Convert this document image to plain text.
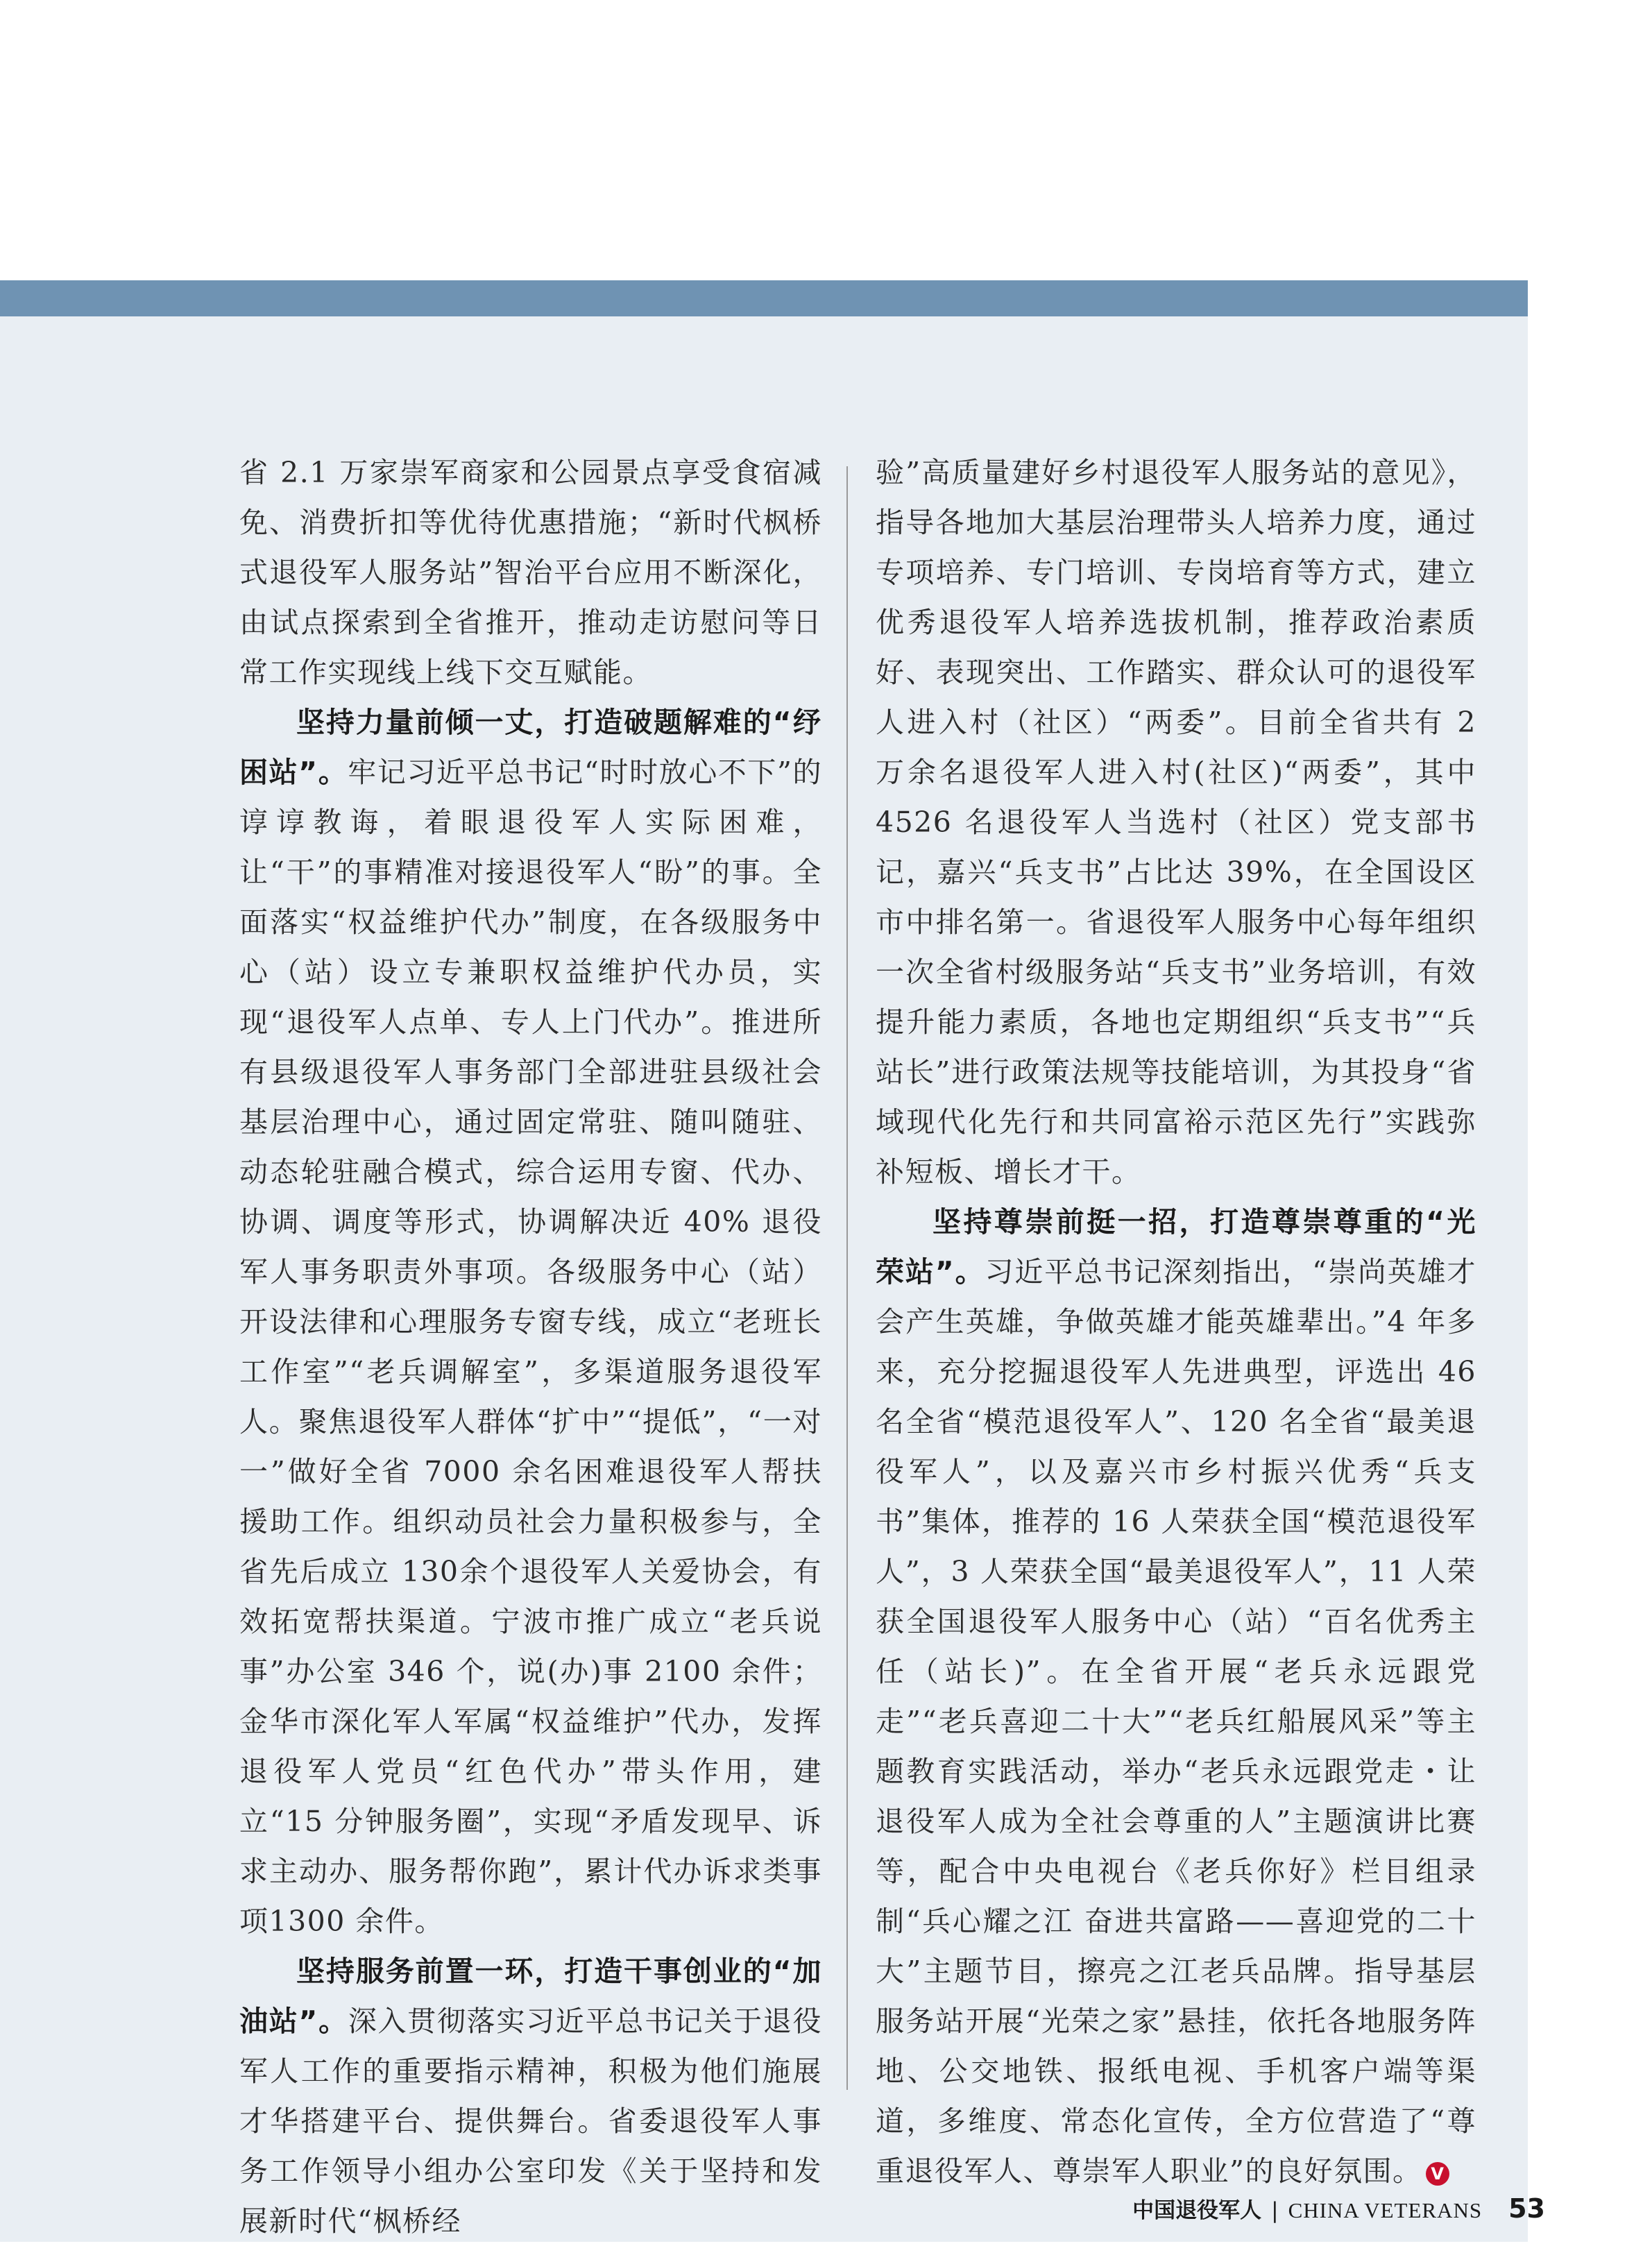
省 2.1 万家崇军商家和公园景点享受食宿减免、消费折扣等优待优惠措施；“新时代枫桥式退役军人服务站”智治平台应用不断深化，由试点探索到全省推开，推动走访慰问等日常工作实现线上线下交互赋能。

坚持力量前倾一丈，打造破题解难的“纾困站”。牢记习近平总书记“时时放心不下”的谆谆教诲，着眼退役军人实际困难，让“干”的事精准对接退役军人“盼”的事。全面落实“权益维护代办”制度，在各级服务中心（站）设立专兼职权益维护代办员，实现“退役军人点单、专人上门代办”。推进所有县级退役军人事务部门全部进驻县级社会基层治理中心，通过固定常驻、随叫随驻、动态轮驻融合模式，综合运用专窗、代办、协调、调度等形式，协调解决近 40% 退役军人事务职责外事项。各级服务中心（站）开设法律和心理服务专窗专线，成立“老班长工作室”“老兵调解室”，多渠道服务退役军人。聚焦退役军人群体“扩中”“提低”，“一对一”做好全省 7000 余名困难退役军人帮扶援助工作。组织动员社会力量积极参与，全省先后成立 130余个退役军人关爱协会，有效拓宽帮扶渠道。宁波市推广成立“老兵说事”办公室 346 个，说(办)事 2100 余件；金华市深化军人军属“权益维护”代办，发挥退役军人党员“红色代办”带头作用，建立“15 分钟服务圈”，实现“矛盾发现早、诉求主动办、服务帮你跑”，累计代办诉求类事项1300 余件。

坚持服务前置一环，打造干事创业的“加油站”。深入贯彻落实习近平总书记关于退役军人工作的重要指示精神，积极为他们施展才华搭建平台、提供舞台。省委退役军人事务工作领导小组办公室印发《关于坚持和发展新时代“枫桥经

验”高质量建好乡村退役军人服务站的意见》，指导各地加大基层治理带头人培养力度，通过专项培养、专门培训、专岗培育等方式，建立优秀退役军人培养选拔机制，推荐政治素质好、表现突出、工作踏实、群众认可的退役军人进入村（社区）“两委”。目前全省共有 2 万余名退役军人进入村(社区)“两委”，其中 4526 名退役军人当选村（社区）党支部书记，嘉兴“兵支书”占比达 39%，在全国设区市中排名第一。省退役军人服务中心每年组织一次全省村级服务站“兵支书”业务培训，有效提升能力素质，各地也定期组织“兵支书”“兵站长”进行政策法规等技能培训，为其投身“省域现代化先行和共同富裕示范区先行”实践弥补短板、增长才干。

坚持尊崇前挺一招，打造尊崇尊重的“光荣站”。习近平总书记深刻指出，“崇尚英雄才会产生英雄，争做英雄才能英雄辈出。”4 年多来，充分挖掘退役军人先进典型，评选出 46 名全省“模范退役军人”、120 名全省“最美退役军人”，以及嘉兴市乡村振兴优秀“兵支书”集体，推荐的 16 人荣获全国“模范退役军人”，3 人荣获全国“最美退役军人”，11 人荣获全国退役军人服务中心（站）“百名优秀主任（站长)”。在全省开展“老兵永远跟党走”“老兵喜迎二十大”“老兵红船展风采”等主题教育实践活动，举办“老兵永远跟党走・让退役军人成为全社会尊重的人”主题演讲比赛等，配合中央电视台《老兵你好》栏目组录制“兵心耀之江 奋进共富路——喜迎党的二十大”主题节目，擦亮之江老兵品牌。指导基层服务站开展“光荣之家”悬挂，依托各地服务阵地、公交地铁、报纸电视、手机客户端等渠道，多维度、常态化宣传，全方位营造了“尊重退役军人、尊崇军人职业”的良好氛围。 V

中国退役军人 | CHINA VETERANS 53
